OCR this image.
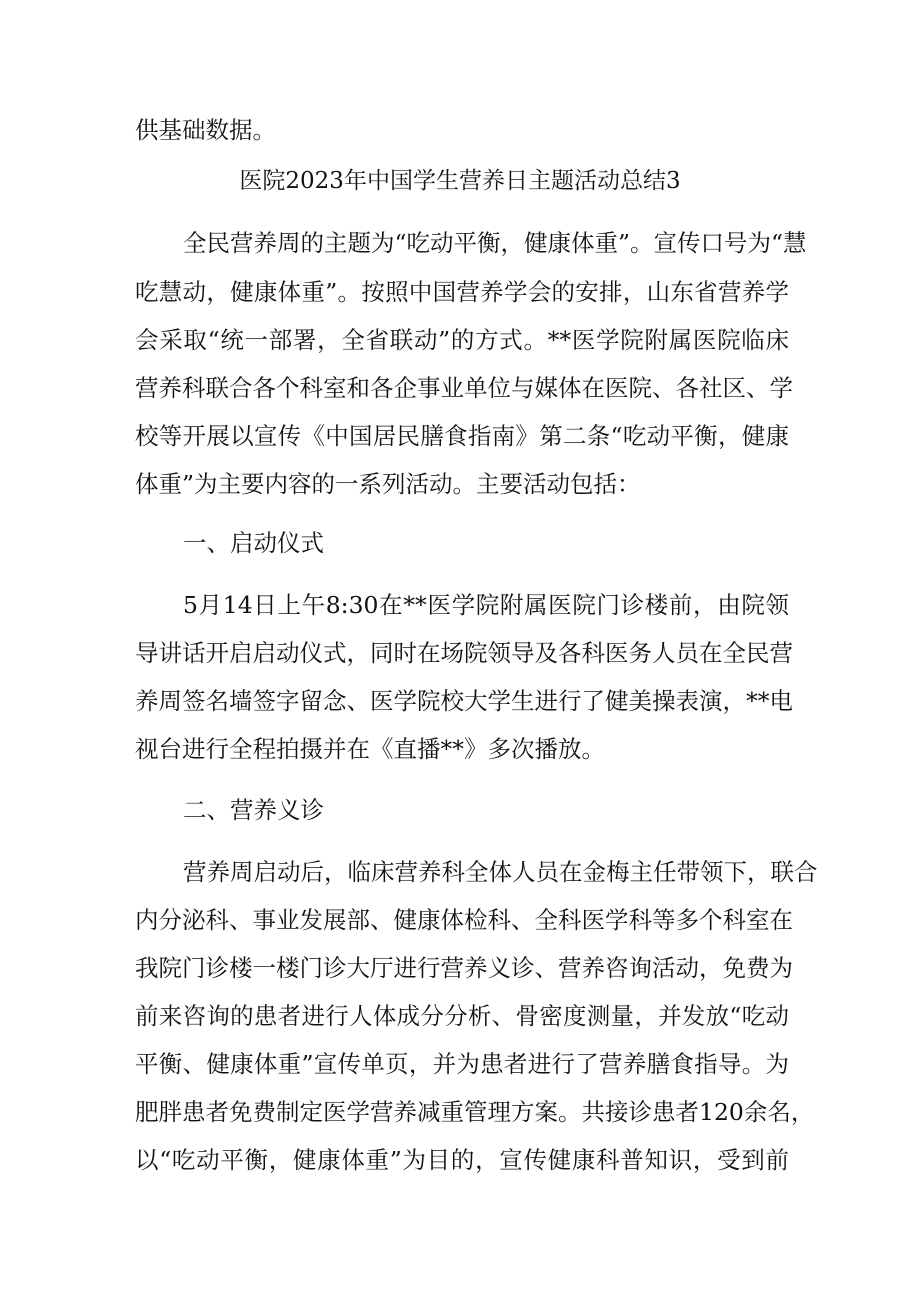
供基础数据。
医院2023年中国学生营养日主题活动总结3
全民营养周的主题为“吃动平衡，健康体重”。宣传口号为“慧
吃慧动，健康体重”。按照中国营养学会的安排，山东省营养学
会采取“统一部署，全省联动”的方式。**医学院附属医院临床
营养科联合各个科室和各企事业单位与媒体在医院、各社区、学
校等开展以宣传《中国居民膳食指南》第二条“吃动平衡，健康
体重”为主要内容的一系列活动。主要活动包括：
一、启动仪式
5月14日上午8:30在**医学院附属医院门诊楼前，由院领
导讲话开启启动仪式，同时在场院领导及各科医务人员在全民营
养周签名墙签字留念、医学院校大学生进行了健美操表演，**电
视台进行全程拍摄并在《直播**》多次播放。
二、营养义诊
营养周启动后，临床营养科全体人员在金梅主任带领下，联合
内分泌科、事业发展部、健康体检科、全科医学科等多个科室在
我院门诊楼一楼门诊大厅进行营养义诊、营养咨询活动，免费为
前来咨询的患者进行人体成分分析、骨密度测量，并发放“吃动
平衡、健康体重”宣传单页，并为患者进行了营养膳食指导。为
肥胖患者免费制定医学营养减重管理方案。共接诊患者120余名，
以“吃动平衡，健康体重”为目的，宣传健康科普知识，受到前
